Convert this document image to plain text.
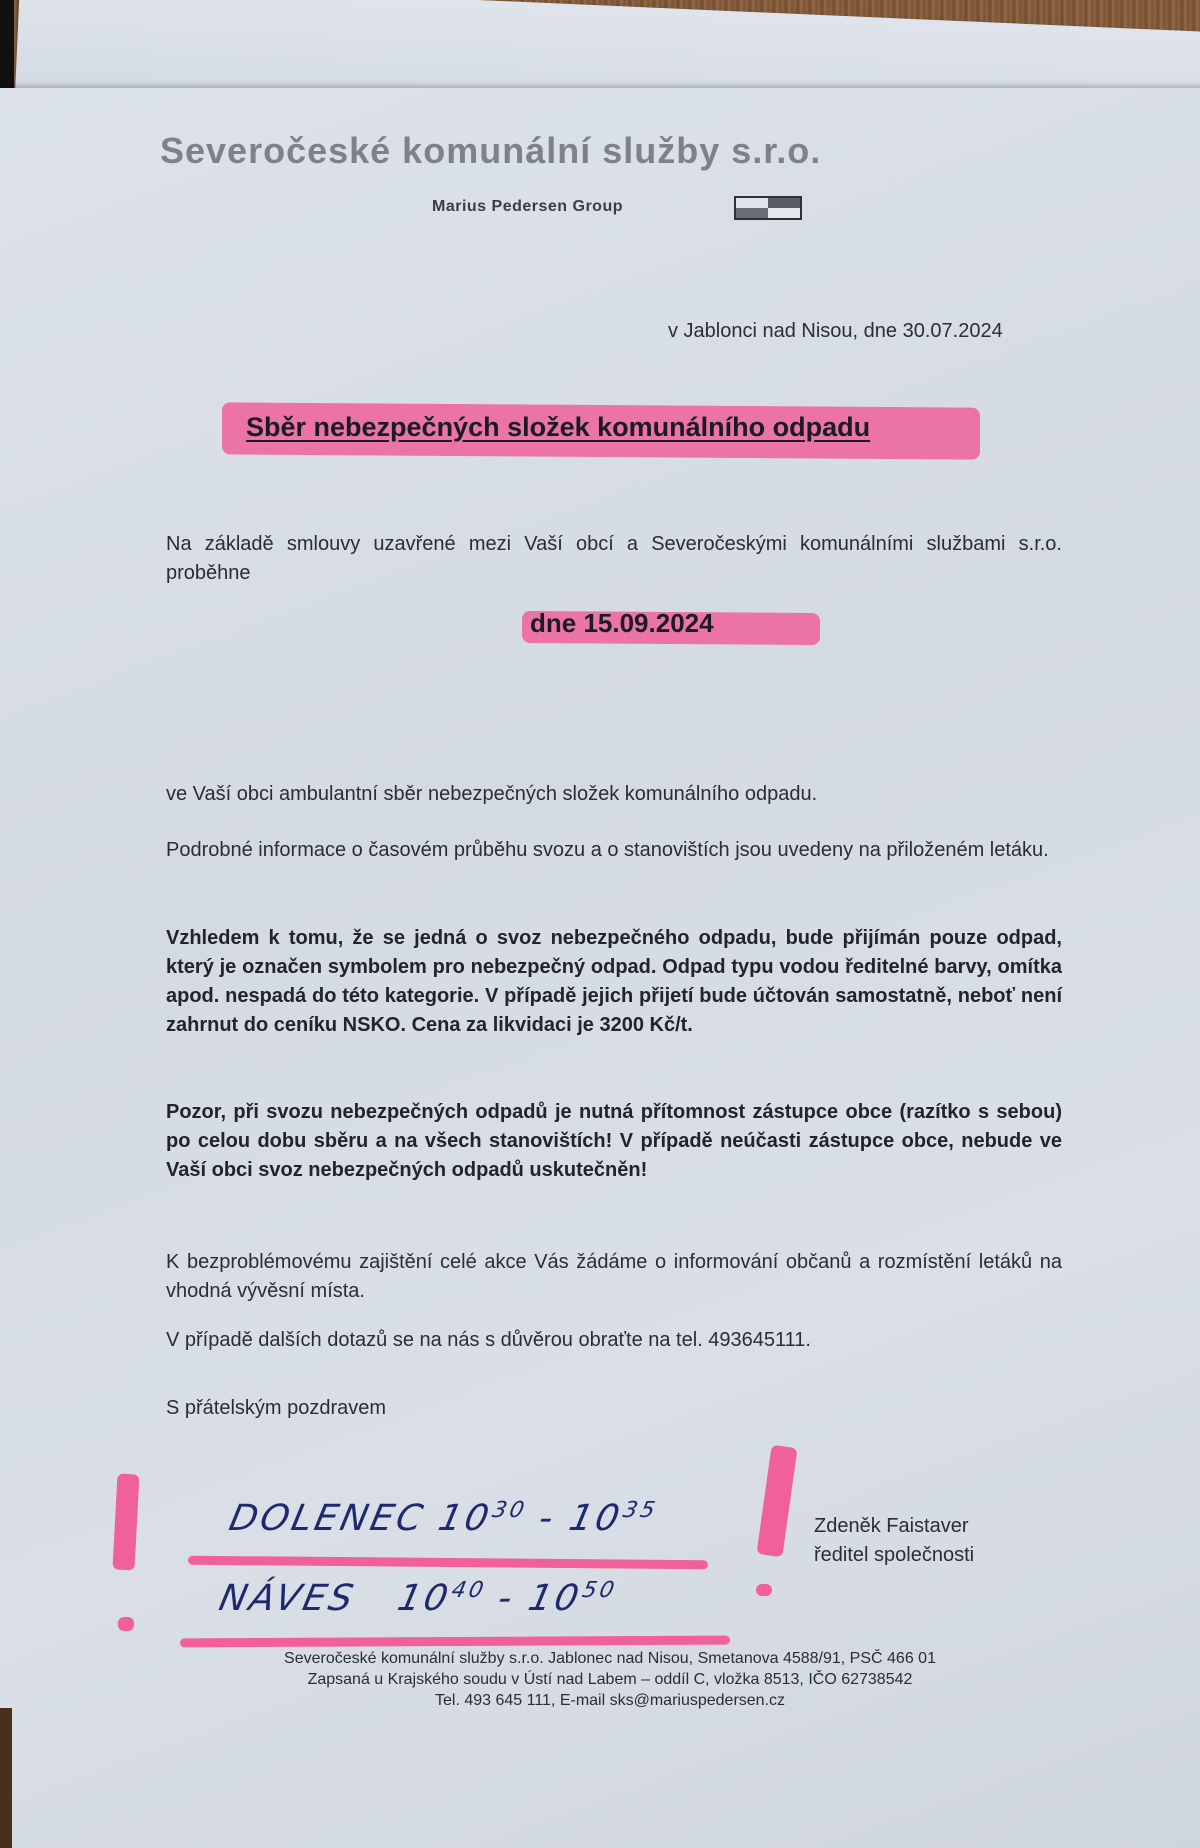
Severočeské komunální služby s.r.o.
Marius Pedersen Group
v Jablonci nad Nisou, dne 30.07.2024
Sběr nebezpečných složek komunálního odpadu
Na základě smlouvy uzavřené mezi Vaší obcí a Severočeskými komunálními službami s.r.o. proběhne
dne 15.09.2024
ve Vaší obci ambulantní sběr nebezpečných složek komunálního odpadu.
Podrobné informace o časovém průběhu svozu a o stanovištích jsou uvedeny na přiloženém letáku.
Vzhledem k tomu, že se jedná o svoz nebezpečného odpadu, bude přijímán pouze odpad, který je označen symbolem pro nebezpečný odpad. Odpad typu vodou ředitelné barvy, omítka apod. nespadá do této kategorie. V případě jejich přijetí bude účtován samostatně, neboť není zahrnut do ceníku NSKO. Cena za likvidaci je 3200 Kč/t.
Pozor, při svozu nebezpečných odpadů je nutná přítomnost zástupce obce (razítko s sebou) po celou dobu sběru a na všech stanovištích! V případě neúčasti zástupce obce, nebude ve Vaší obci svoz nebezpečných odpadů uskutečněn!
K bezproblémovému zajištění celé akce Vás žádáme o informování občanů a rozmístění letáků na vhodná vývěsní místa.
V případě dalších dotazů se na nás s důvěrou obraťte na tel. 493645111.
S přátelským pozdravem
DOLENEC $10^{30} - 10^{35}$
NÁVES $10^{40} - 10^{50}$
Zdeněk Faistaver
ředitel společnosti
Severočeské komunální služby s.r.o. Jablonec nad Nisou, Smetanova 4588/91, PSČ 466 01
Zapsaná u Krajského soudu v Ústí nad Labem – oddíl C, vložka 8513, IČO 62738542
Tel. 493 645 111, E-mail sks@mariuspedersen.cz
